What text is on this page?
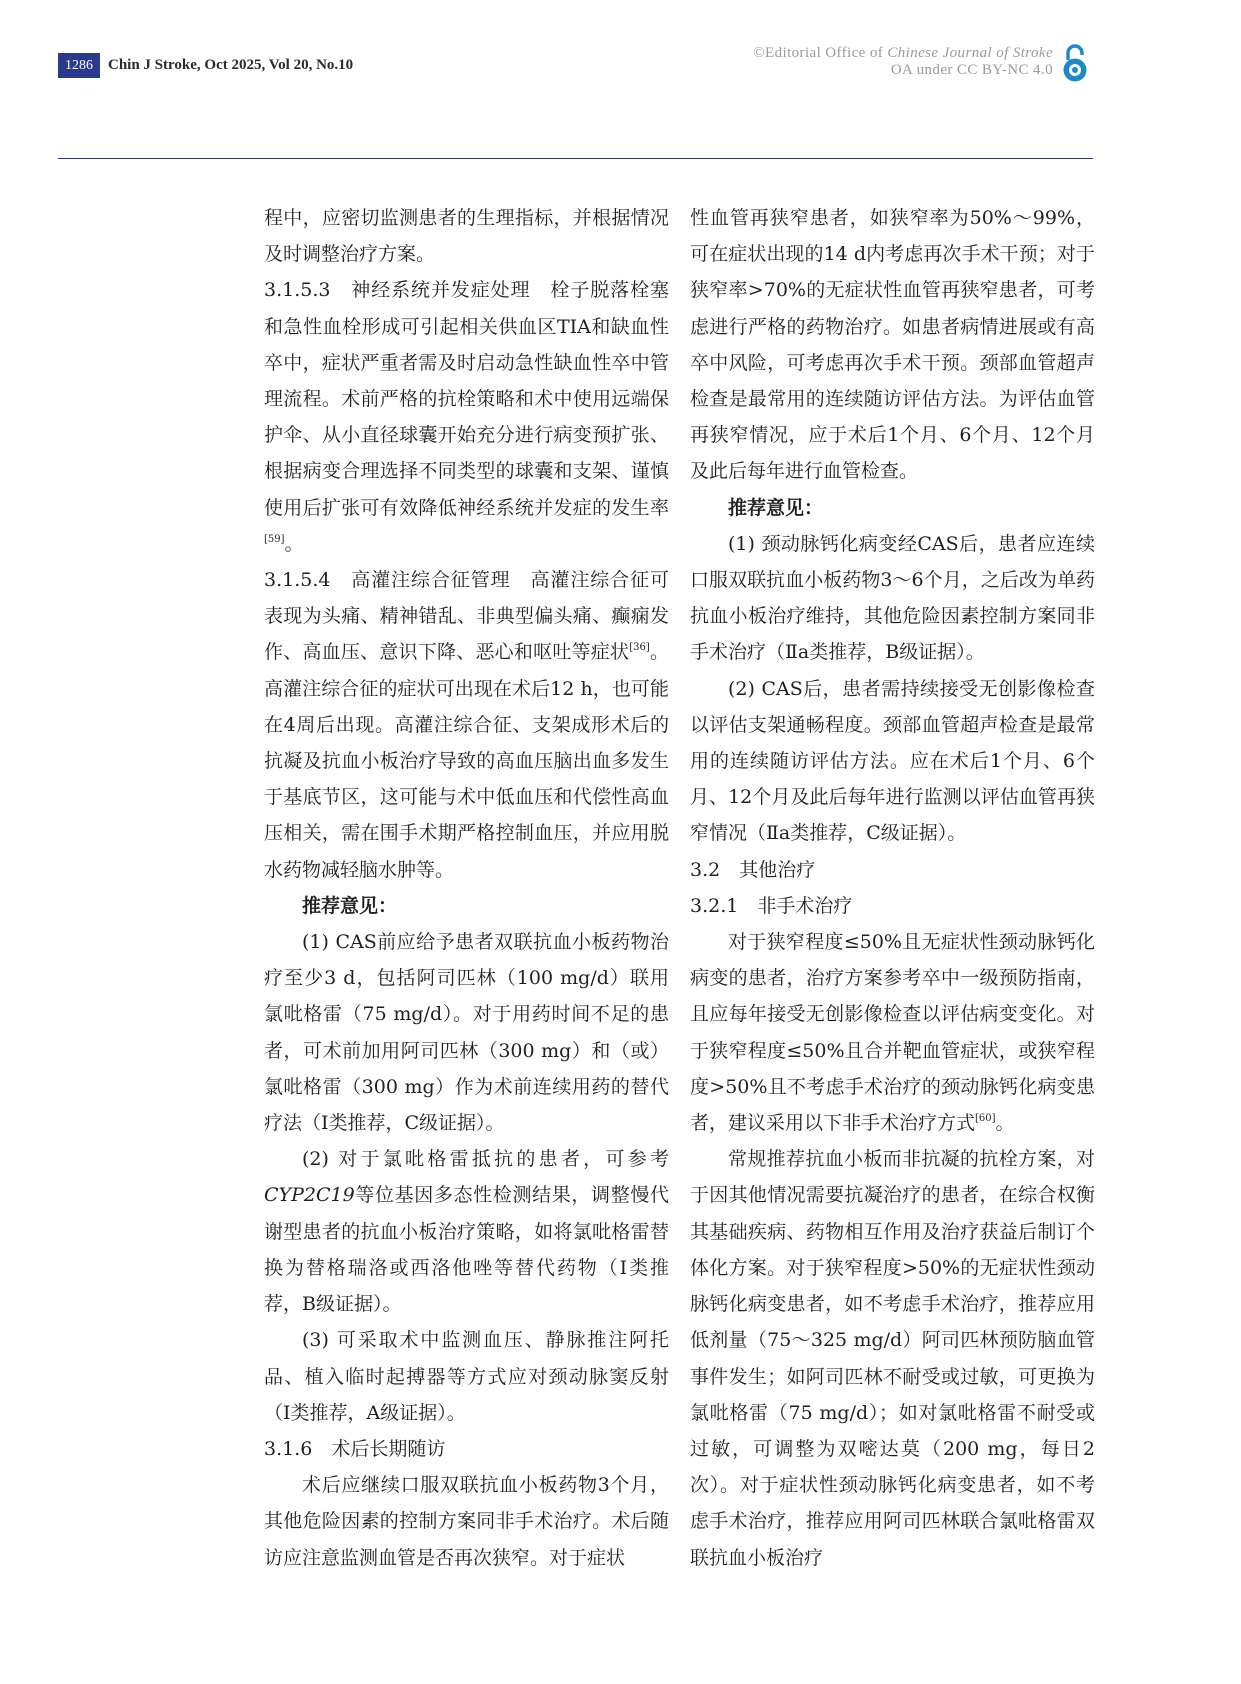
1286	Chin J Stroke, Oct 2025, Vol 20, No.10
©Editorial Office of Chinese Journal of Stroke
OA under CC BY-NC 4.0

程中，应密切监测患者的生理指标，并根据情况及时调整治疗方案。

3.1.5.3　神经系统并发症处理　栓子脱落栓塞和急性血栓形成可引起相关供血区TIA和缺血性卒中，症状严重者需及时启动急性缺血性卒中管理流程。术前严格的抗栓策略和术中使用远端保护伞、从小直径球囊开始充分进行病变预扩张、根据病变合理选择不同类型的球囊和支架、谨慎使用后扩张可有效降低神经系统并发症的发生率[59]。

3.1.5.4　高灌注综合征管理　高灌注综合征可表现为头痛、精神错乱、非典型偏头痛、癫痫发作、高血压、意识下降、恶心和呕吐等症状[36]。高灌注综合征的症状可出现在术后12 h，也可能在4周后出现。高灌注综合征、支架成形术后的抗凝及抗血小板治疗导致的高血压脑出血多发生于基底节区，这可能与术中低血压和代偿性高血压相关，需在围手术期严格控制血压，并应用脱水药物减轻脑水肿等。

推荐意见：

(1) CAS前应给予患者双联抗血小板药物治疗至少3 d，包括阿司匹林（100 mg/d）联用氯吡格雷（75 mg/d）。对于用药时间不足的患者，可术前加用阿司匹林（300 mg）和（或）氯吡格雷（300 mg）作为术前连续用药的替代疗法（Ⅰ类推荐，C级证据）。

(2) 对于氯吡格雷抵抗的患者，可参考CYP2C19等位基因多态性检测结果，调整慢代谢型患者的抗血小板治疗策略，如将氯吡格雷替换为替格瑞洛或西洛他唑等替代药物（Ⅰ类推荐，B级证据）。

(3) 可采取术中监测血压、静脉推注阿托品、植入临时起搏器等方式应对颈动脉窦反射（Ⅰ类推荐，A级证据）。

3.1.6　术后长期随访

术后应继续口服双联抗血小板药物3个月，其他危险因素的控制方案同非手术治疗。术后随访应注意监测血管是否再次狭窄。对于症状

性血管再狭窄患者，如狭窄率为50%～99%，可在症状出现的14 d内考虑再次手术干预；对于狭窄率>70%的无症状性血管再狭窄患者，可考虑进行严格的药物治疗。如患者病情进展或有高卒中风险，可考虑再次手术干预。颈部血管超声检查是最常用的连续随访评估方法。为评估血管再狭窄情况，应于术后1个月、6个月、12个月及此后每年进行血管检查。

推荐意见：

(1) 颈动脉钙化病变经CAS后，患者应连续口服双联抗血小板药物3～6个月，之后改为单药抗血小板治疗维持，其他危险因素控制方案同非手术治疗（Ⅱa类推荐，B级证据）。

(2) CAS后，患者需持续接受无创影像检查以评估支架通畅程度。颈部血管超声检查是最常用的连续随访评估方法。应在术后1个月、6个月、12个月及此后每年进行监测以评估血管再狭窄情况（Ⅱa类推荐，C级证据）。

3.2　其他治疗

3.2.1　非手术治疗

对于狭窄程度≤50%且无症状性颈动脉钙化病变的患者，治疗方案参考卒中一级预防指南，且应每年接受无创影像检查以评估病变变化。对于狭窄程度≤50%且合并靶血管症状，或狭窄程度>50%且不考虑手术治疗的颈动脉钙化病变患者，建议采用以下非手术治疗方式[60]。

常规推荐抗血小板而非抗凝的抗栓方案，对于因其他情况需要抗凝治疗的患者，在综合权衡其基础疾病、药物相互作用及治疗获益后制订个体化方案。对于狭窄程度>50%的无症状性颈动脉钙化病变患者，如不考虑手术治疗，推荐应用低剂量（75～325 mg/d）阿司匹林预防脑血管事件发生；如阿司匹林不耐受或过敏，可更换为氯吡格雷（75 mg/d）；如对氯吡格雷不耐受或过敏，可调整为双嘧达莫（200 mg，每日2次）。对于症状性颈动脉钙化病变患者，如不考虑手术治疗，推荐应用阿司匹林联合氯吡格雷双联抗血小板治疗
